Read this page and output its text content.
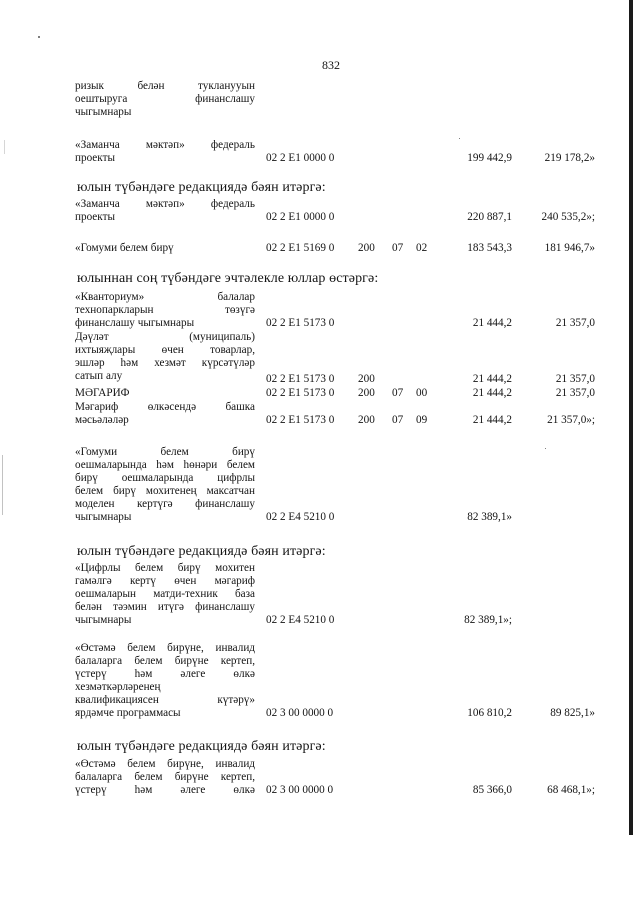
832
ризык белән тукланууын
оештыруга финанслашу
чыгымнары
«Заманча мәктәп» федераль
проекты	02 2 E1 0000 0	199 442,9	219 178,2»
юлын түбәндәге редакциядә бәян итәргә:
«Заманча мәктәп» федераль
проекты	02 2 E1 0000 0	220 887,1	240 535,2»;
«Гомуми белем бирү	02 2 E1 5169 0 200 07 02	183 543,3	181 946,7»
юлыннан соң түбәндәге эчтәлекле юллар өстәргә:
«Кванториум» балалар
технопаркларын төзүгә
финанслашу чыгымнары	02 2 E1 5173 0	21 444,2	21 357,0
Дәүләт (муниципаль)
ихтыяҗлары өчен товарлар,
эшләр һәм хезмәт күрсәтүләр
сатып алу	02 2 E1 5173 0 200	21 444,2	21 357,0
МӘГАРИФ	02 2 E1 5173 0 200 07 00	21 444,2	21 357,0
Мәгариф өлкәсендә башка
мәсьәләләр	02 2 E1 5173 0 200 07 09	21 444,2	21 357,0»;
«Гомуми белем бирү
оешмаларында һәм һөнәри белем
бирү оешмаларында цифрлы
белем бирү мохитенең максатчан
моделен кертүгә финанслашу
чыгымнары	02 2 E4 5210 0	82 389,1»
юлын түбәндәге редакциядә бәян итәргә:
«Цифрлы белем бирү мохитен
гамәлгә кертү өчен мәгариф
оешмаларын матди-техник база
белән тәэмин итүгә финанслашу
чыгымнары	02 2 E4 5210 0	82 389,1»;
«Өстәмә белем бирүне, инвалид
балаларга белем бирүне кертеп,
үстерү һәм әлеге өлкә
хезмәткәрләренең
квалификациясен күтәрү»
ярдәмче программасы	02 3 00 0000 0	106 810,2	89 825,1»
юлын түбәндәге редакциядә бәян итәргә:
«Өстәмә белем бирүне, инвалид
балаларга белем бирүне кертеп,
үстерү һәм әлеге өлкә 02 3 00 0000 0	85 366,0	68 468,1»;
